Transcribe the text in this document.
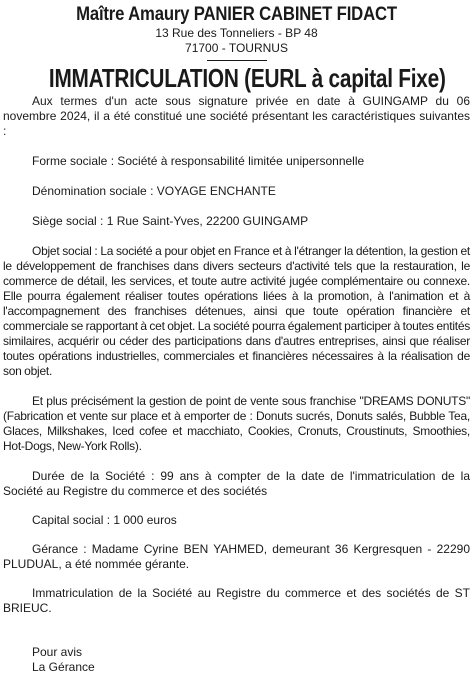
Maître Amaury PANIER CABINET FIDACT
13 Rue des Tonneliers - BP 48
71700 - TOURNUS
IMMATRICULATION (EURL à capital Fixe)

Aux termes d'un acte sous signature privée en date à GUINGAMP du 06 novembre 2024, il a été constitué une société présentant les caractéristiques suivantes :

Forme sociale : Société à responsabilité limitée unipersonnelle

Dénomination sociale : VOYAGE ENCHANTE

Siège social : 1 Rue Saint-Yves, 22200 GUINGAMP

Objet social : La société a pour objet en France et à l'étranger la détention, la gestion et le développement de franchises dans divers secteurs d'activité tels que la restauration, le commerce de détail, les services, et toute autre activité jugée complémentaire ou connexe. Elle pourra également réaliser toutes opérations liées à la promotion, à l'animation et à l'accompagnement des franchises détenues, ainsi que toute opération financière et commerciale se rapportant à cet objet. La société pourra également participer à toutes entités similaires, acquérir ou céder des participations dans d'autres entreprises, ainsi que réaliser toutes opérations industrielles, commerciales et financières nécessaires à la réalisation de son objet.

Et plus précisément la gestion de point de vente sous franchise "DREAMS DONUTS" (Fabrication et vente sur place et à emporter de : Donuts sucrés, Donuts salés, Bubble Tea, Glaces, Milkshakes, Iced cofee et macchiato, Cookies, Cronuts, Croustinuts, Smoothies, Hot-Dogs, New-York Rolls).

Durée de la Société : 99 ans à compter de la date de l'immatriculation de la Société au Registre du commerce et des sociétés

Capital social : 1 000 euros

Gérance : Madame Cyrine BEN YAHMED, demeurant 36 Kergresquen - 22290 PLUDUAL, a été nommée gérante.

Immatriculation de la Société au Registre du commerce et des sociétés de ST BRIEUC.

Pour avis

La Gérance
